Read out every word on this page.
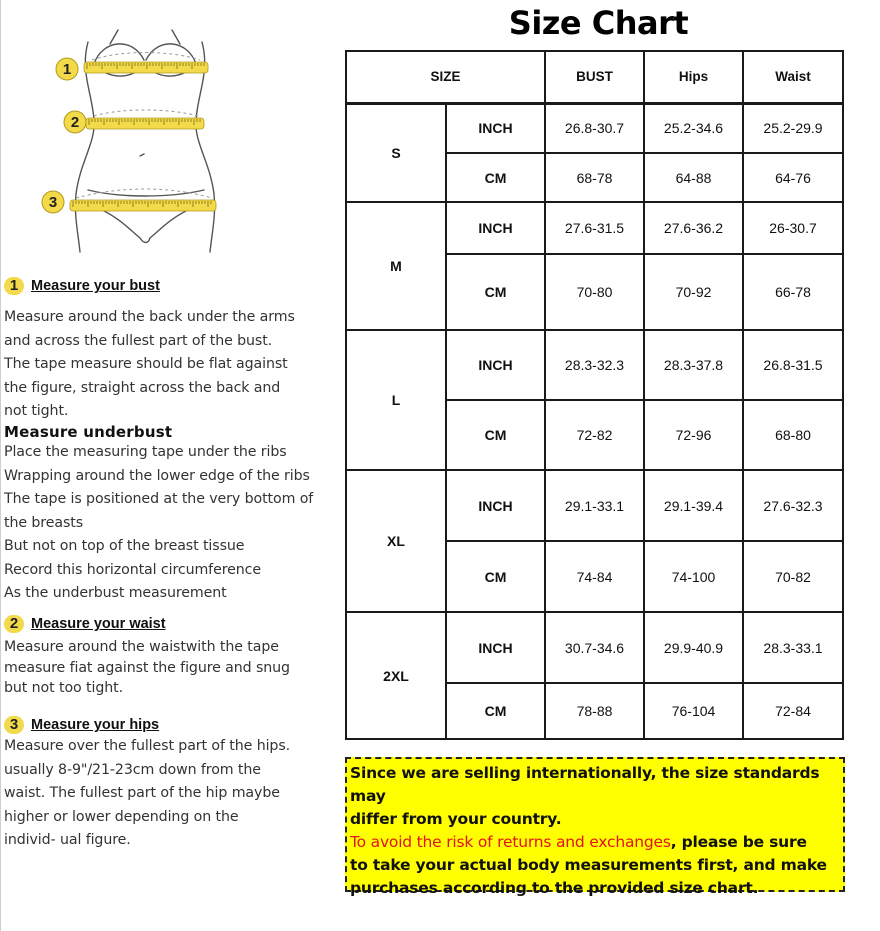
1
2
3
1 Measure your bust
Measure around the back under the arms
and across the fullest part of the bust.
The tape measure should be flat against
the figure, straight across the back and
not tight.
Measure underbust
Place the measuring tape under the ribs
Wrapping around the lower edge of the ribs
The tape is positioned at the very bottom of
the breasts
But not on top of the breast tissue
Record this horizontal circumference
As the underbust measurement
2 Measure your waist
Measure around the waistwith the tape
measure fiat against the figure and snug
but not too tight.
3 Measure your hips
Measure over the fullest part of the hips.
usually 8-9"/21-23cm down from the
waist. The fullest part of the hip maybe
higher or lower depending on the
individ- ual figure.
Size Chart
SIZE		BUST	Hips	Waist
S	INCH	26.8-30.7	25.2-34.6	25.2-29.9
	CM	68-78	64-88	64-76
M	INCH	27.6-31.5	27.6-36.2	26-30.7
	CM	70-80	70-92	66-78
L	INCH	28.3-32.3	28.3-37.8	26.8-31.5
	CM	72-82	72-96	68-80
XL	INCH	29.1-33.1	29.1-39.4	27.6-32.3
	CM	74-84	74-100	70-82
2XL	INCH	30.7-34.6	29.9-40.9	28.3-33.1
	CM	78-88	76-104	72-84
Since we are selling internationally, the size standards may
differ from your country.
To avoid the risk of returns and exchanges, please be sure
to take your actual body measurements first, and make
purchases according to the provided size chart.
